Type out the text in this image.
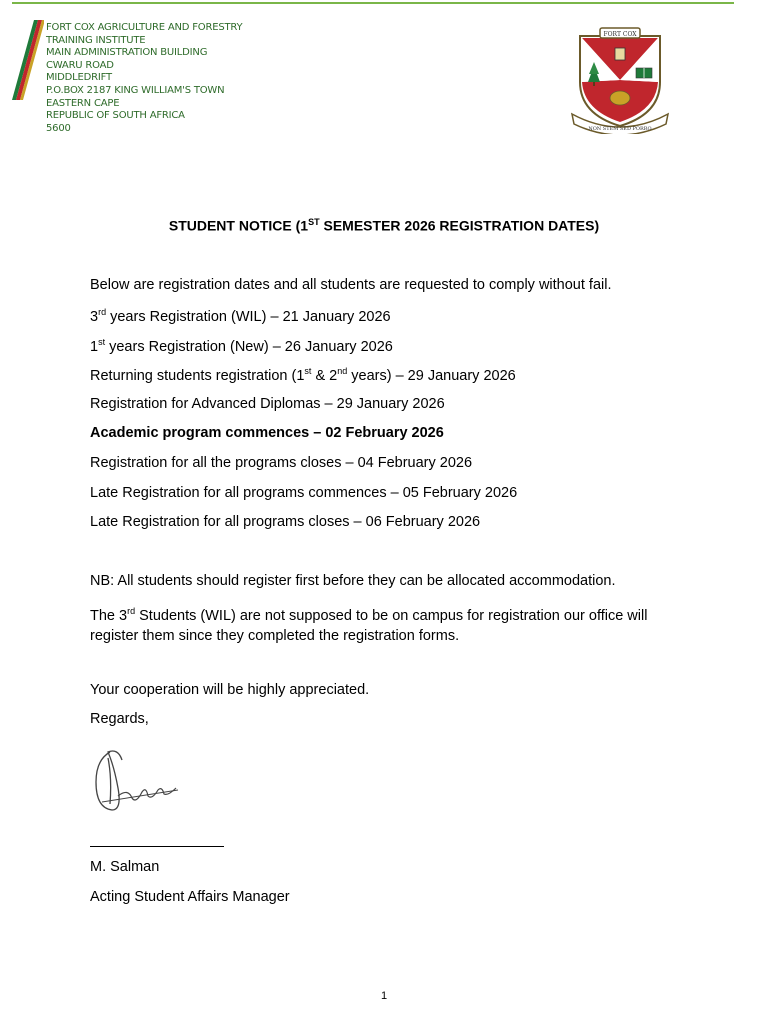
FORT COX AGRICULTURE AND FORESTRY
TRAINING INSTITUTE
MAIN ADMINISTRATION BUILDING
CWARU ROAD
MIDDLEDRIFT
P.O.BOX 2187 KING WILLIAM'S TOWN
EASTERN CAPE
REPUBLIC OF SOUTH AFRICA
5600
FORT COX
NON STEM SED PORRO
STUDENT NOTICE (1ST SEMESTER 2026 REGISTRATION DATES)
Below are registration dates and all students are requested to comply without fail.
3rd years Registration (WIL) – 21 January 2026
1st years Registration (New) – 26 January 2026
Returning students registration (1st & 2nd years) – 29 January 2026
Registration for Advanced Diplomas – 29 January 2026
Academic program commences – 02 February 2026
Registration for all the programs closes – 04 February 2026
Late Registration for all programs commences – 05 February 2026
Late Registration for all programs closes – 06 February 2026
NB: All students should register first before they can be allocated accommodation.
The 3rd Students (WIL) are not supposed to be on campus for registration our office will register them since they completed the registration forms.
Your cooperation will be highly appreciated.
Regards,
M. Salman
Acting Student Affairs Manager
1
